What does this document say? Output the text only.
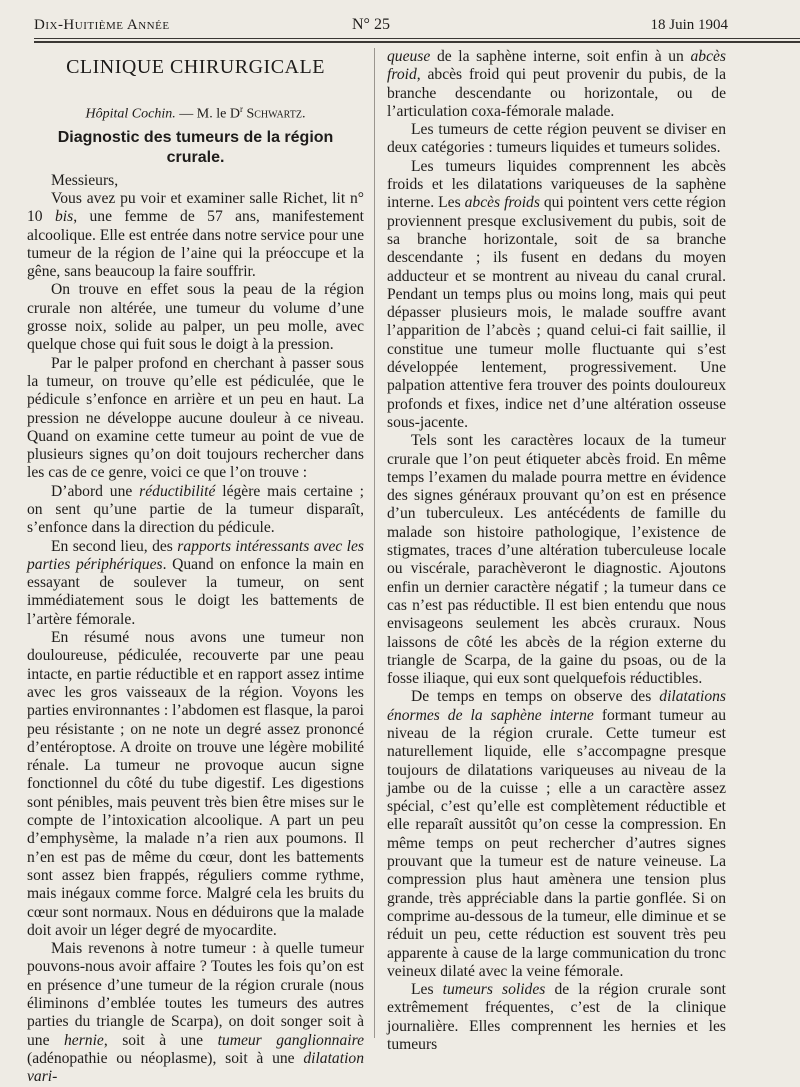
Dix-Huitième Année	N° 25	18 Juin 1904
CLINIQUE CHIRURGICALE
Hôpital Cochin. — M. le $D^r$ Schwartz.
Diagnostic des tumeurs de la région crurale.

Messieurs,

Vous avez pu voir et examiner salle Richet, lit n° 10 bis, une femme de 57 ans, manifestement alcoolique. Elle est entrée dans notre service pour une tumeur de la région de l’aine qui la préoccupe et la gêne, sans beaucoup la faire souffrir.

On trouve en effet sous la peau de la région crurale non altérée, une tumeur du volume d’une grosse noix, solide au palper, un peu molle, avec quelque chose qui fuit sous le doigt à la pression.

Par le palper profond en cherchant à passer sous la tumeur, on trouve qu’elle est pédiculée, que le pédicule s’enfonce en arrière et un peu en haut. La pression ne développe aucune douleur à ce niveau. Quand on examine cette tumeur au point de vue de plusieurs signes qu’on doit toujours rechercher dans les cas de ce genre, voici ce que l’on trouve :

D’abord une réductibilité légère mais certaine ; on sent qu’une partie de la tumeur disparaît, s’enfonce dans la direction du pédicule.

En second lieu, des rapports intéressants avec les parties périphériques. Quand on enfonce la main en essayant de soulever la tumeur, on sent immédiatement sous le doigt les battements de l’artère fémorale.

En résumé nous avons une tumeur non douloureuse, pédiculée, recouverte par une peau intacte, en partie réductible et en rapport assez intime avec les gros vaisseaux de la région. Voyons les parties environnantes : l’abdomen est flasque, la paroi peu résistante ; on ne note un degré assez prononcé d’entéroptose. A droite on trouve une légère mobilité rénale. La tumeur ne provoque aucun signe fonctionnel du côté du tube digestif. Les digestions sont pénibles, mais peuvent très bien être mises sur le compte de l’intoxication alcoolique. A part un peu d’emphysème, la malade n’a rien aux poumons. Il n’en est pas de même du cœur, dont les battements sont assez bien frappés, réguliers comme rythme, mais inégaux comme force. Malgré cela les bruits du cœur sont normaux. Nous en déduirons que la malade doit avoir un léger degré de myocardite.

Mais revenons à notre tumeur : à quelle tumeur pouvons-nous avoir affaire ? Toutes les fois qu’on est en présence d’une tumeur de la région crurale (nous éliminons d’emblée toutes les tumeurs des autres parties du triangle de Scarpa), on doit songer soit à une hernie, soit à une tumeur ganglionnaire (adénopathie ou néoplasme), soit à une dilatation vari-

queuse de la saphène interne, soit enfin à un abcès froid, abcès froid qui peut provenir du pubis, de la branche descendante ou horizontale, ou de l’articulation coxa-fémorale malade.

Les tumeurs de cette région peuvent se diviser en deux catégories : tumeurs liquides et tumeurs solides.

Les tumeurs liquides comprennent les abcès froids et les dilatations variqueuses de la saphène interne. Les abcès froids qui pointent vers cette région proviennent presque exclusivement du pubis, soit de sa branche horizontale, soit de sa branche descendante ; ils fusent en dedans du moyen adducteur et se montrent au niveau du canal crural. Pendant un temps plus ou moins long, mais qui peut dépasser plusieurs mois, le malade souffre avant l’apparition de l’abcès ; quand celui-ci fait saillie, il constitue une tumeur molle fluctuante qui s’est développée lentement, progressivement. Une palpation attentive fera trouver des points douloureux profonds et fixes, indice net d’une altération osseuse sous-jacente.

Tels sont les caractères locaux de la tumeur crurale que l’on peut étiqueter abcès froid. En même temps l’examen du malade pourra mettre en évidence des signes généraux prouvant qu’on est en présence d’un tuberculeux. Les antécédents de famille du malade son histoire pathologique, l’existence de stigmates, traces d’une altération tuberculeuse locale ou viscérale, parachèveront le diagnostic. Ajoutons enfin un dernier caractère négatif ; la tumeur dans ce cas n’est pas réductible. Il est bien entendu que nous envisageons seulement les abcès cruraux. Nous laissons de côté les abcès de la région externe du triangle de Scarpa, de la gaine du psoas, ou de la fosse iliaque, qui eux sont quelquefois réductibles.

De temps en temps on observe des dilatations énormes de la saphène interne formant tumeur au niveau de la région crurale. Cette tumeur est naturellement liquide, elle s’accompagne presque toujours de dilatations variqueuses au niveau de la jambe ou de la cuisse ; elle a un caractère assez spécial, c’est qu’elle est complètement réductible et elle reparaît aussitôt qu’on cesse la compression. En même temps on peut rechercher d’autres signes prouvant que la tumeur est de nature veineuse. La compression plus haut amènera une tension plus grande, très appréciable dans la partie gonflée. Si on comprime au-dessous de la tumeur, elle diminue et se réduit un peu, cette réduction est souvent très peu apparente à cause de la large communication du tronc veineux dilaté avec la veine fémorale.

Les tumeurs solides de la région crurale sont extrêmement fréquentes, c’est de la clinique journalière. Elles comprennent les hernies et les tumeurs
